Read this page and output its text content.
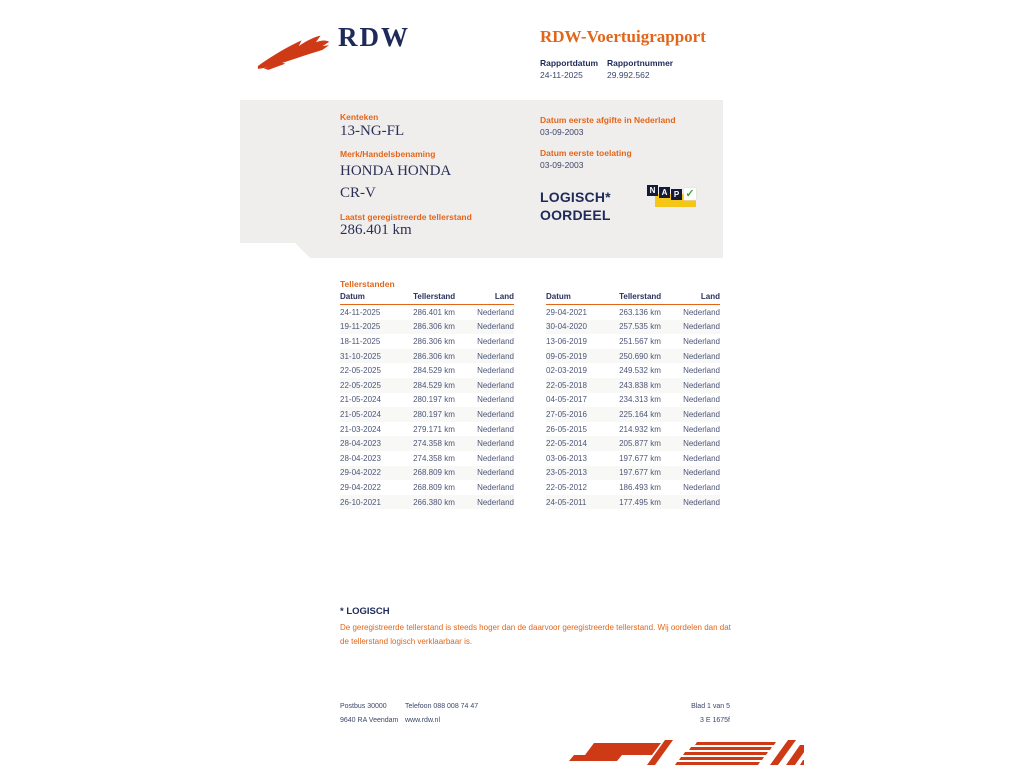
RDW	RDW-Voertuigrapport
Rapportdatum Rapportnummer
24-11-2025	29.992.562
Kenteken
13-NG-FL
Merk/Handelsbenaming
HONDA HONDA CR-V
Laatst geregistreerde tellerstand
286.401 km
Datum eerste afgifte in Nederland
03-09-2003
Datum eerste toelating
03-09-2003
LOGISCH*
OORDEEL
N A P ✓
Tellerstanden
Datum	Tellerstand	Land
24-11-2025	286.401 km	Nederland
19-11-2025	286.306 km	Nederland
18-11-2025	286.306 km	Nederland
31-10-2025	286.306 km	Nederland
22-05-2025	284.529 km	Nederland
22-05-2025	284.529 km	Nederland
21-05-2024	280.197 km	Nederland
21-05-2024	280.197 km	Nederland
21-03-2024	279.171 km	Nederland
28-04-2023	274.358 km	Nederland
28-04-2023	274.358 km	Nederland
29-04-2022	268.809 km	Nederland
29-04-2022	268.809 km	Nederland
26-10-2021	266.380 km	Nederland
Datum	Tellerstand	Land
29-04-2021	263.136 km	Nederland
30-04-2020	257.535 km	Nederland
13-06-2019	251.567 km	Nederland
09-05-2019	250.690 km	Nederland
02-03-2019	249.532 km	Nederland
22-05-2018	243.838 km	Nederland
04-05-2017	234.313 km	Nederland
27-05-2016	225.164 km	Nederland
26-05-2015	214.932 km	Nederland
22-05-2014	205.877 km	Nederland
03-06-2013	197.677 km	Nederland
23-05-2013	197.677 km	Nederland
22-05-2012	186.493 km	Nederland
24-05-2011	177.495 km	Nederland
* LOGISCH
De geregistreerde tellerstand is steeds hoger dan de daarvoor geregistreerde tellerstand. Wij oordelen dan dat de tellerstand logisch verklaarbaar is.
Postbus 30000
9640 RA Veendam
Telefoon 088 008 74 47
www.rdw.nl
Blad 1 van 5
3 E 1675f
